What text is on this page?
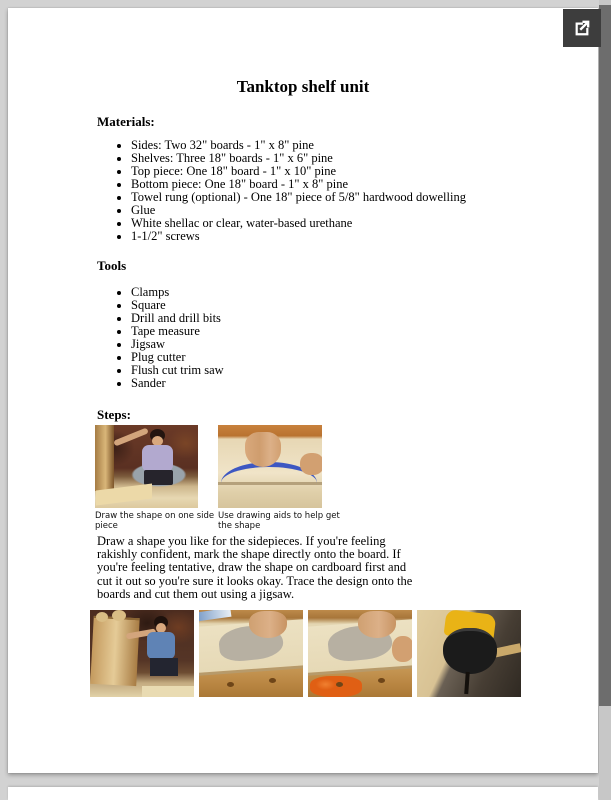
Tanktop shelf unit
Materials:
• Sides: Two 32" boards - 1" x 8" pine
• Shelves: Three 18" boards - 1" x 6" pine
• Top piece: One 18" board - 1" x 10" pine
• Bottom piece: One 18" board - 1" x 8" pine
• Towel rung (optional) - One 18" piece of 5/8" hardwood dowelling
• Glue
• White shellac or clear, water-based urethane
• 1-1/2" screws
Tools
• Clamps
• Square
• Drill and drill bits
• Tape measure
• Jigsaw
• Plug cutter
• Flush cut trim saw
• Sander
Steps:
Draw the shape on one side piece
Use drawing aids to help get the shape
Draw a shape you like for the sidepieces. If you're feeling rakishly confident, mark the shape directly onto the board. If you're feeling tentative, draw the shape on cardboard first and cut it out so you're sure it looks okay. Trace the design onto the boards and cut them out using a jigsaw.
